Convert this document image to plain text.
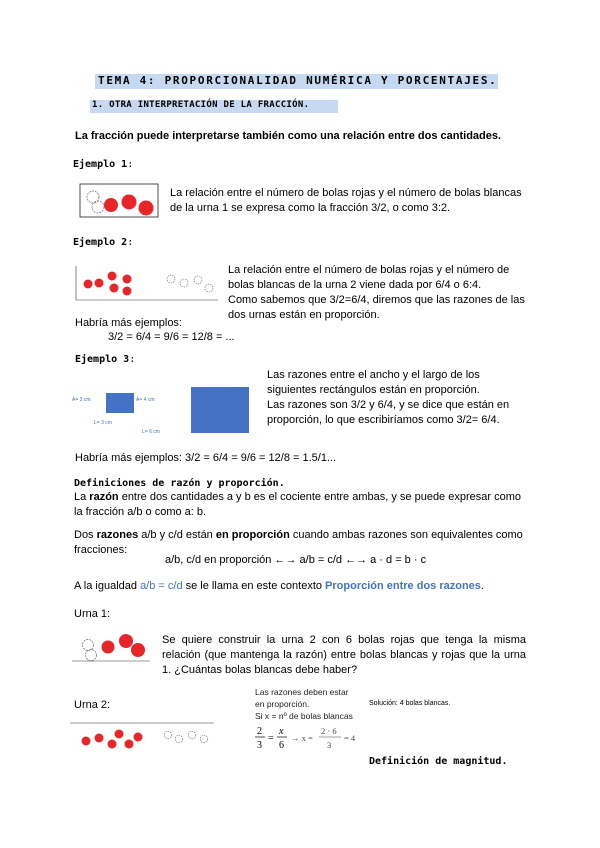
TEMA 4: PROPORCIONALIDAD NUMÉRICA Y PORCENTAJES.
1. OTRA INTERPRETACIÓN DE LA FRACCIÓN.
La fracción puede interpretarse también como una relación entre dos cantidades.
Ejemplo 1:
La relación entre el número de bolas rojas y el número de bolas blancas
de la urna 1 se expresa como la fracción 3/2, o como 3:2.
Ejemplo 2:
La relación entre el número de bolas rojas y el número de
bolas blancas de la urna 2 viene dada por 6/4 o 6:4.
Como sabemos que 3/2=6/4, diremos que las razones de las
dos urnas están en proporción.
Habría más ejemplos:
3/2 = 6/4 = 9/6 = 12/8 = ...
Ejemplo 3:
A= 3 cm	A= 4 cm
L= 3 cm
L= 6 cm
Las razones entre el ancho y el largo de los
siguientes rectángulos están en proporción.
Las razones son 3/2 y 6/4, y se dice que están en
proporción, lo que escribiríamos como 3/2= 6/4.
Habría más ejemplos: 3/2 = 6/4 = 9/6 = 12/8 = 1.5/1...
Definiciones de razón y proporción.
La razón entre dos cantidades a y b es el cociente entre ambas, y se puede expresar como
la fracción a/b o como a: b.
Dos razones a/b y c/d están en proporción cuando ambas razones son equivalentes como
fracciones:
a/b, c/d en proporción ←→ a/b = c/d ←→ a · d = b · c
A la igualdad a/b = c/d se le llama en este contexto Proporción entre dos razones.
Urna 1:
Se quiere construir la urna 2 con 6 bolas rojas que tenga la misma relación (que mantenga la razón) entre bolas blancas y rojas que la urna 1. ¿Cuántas bolas blancas debe haber?
Urna 2:
Las razones deben estar
en proporción.
Si x = nº de bolas blancas
2
3
=
x
6
→ x =
2 · 6
3
= 4
Solución: 4 bolas blancas.
Definición de magnitud.
